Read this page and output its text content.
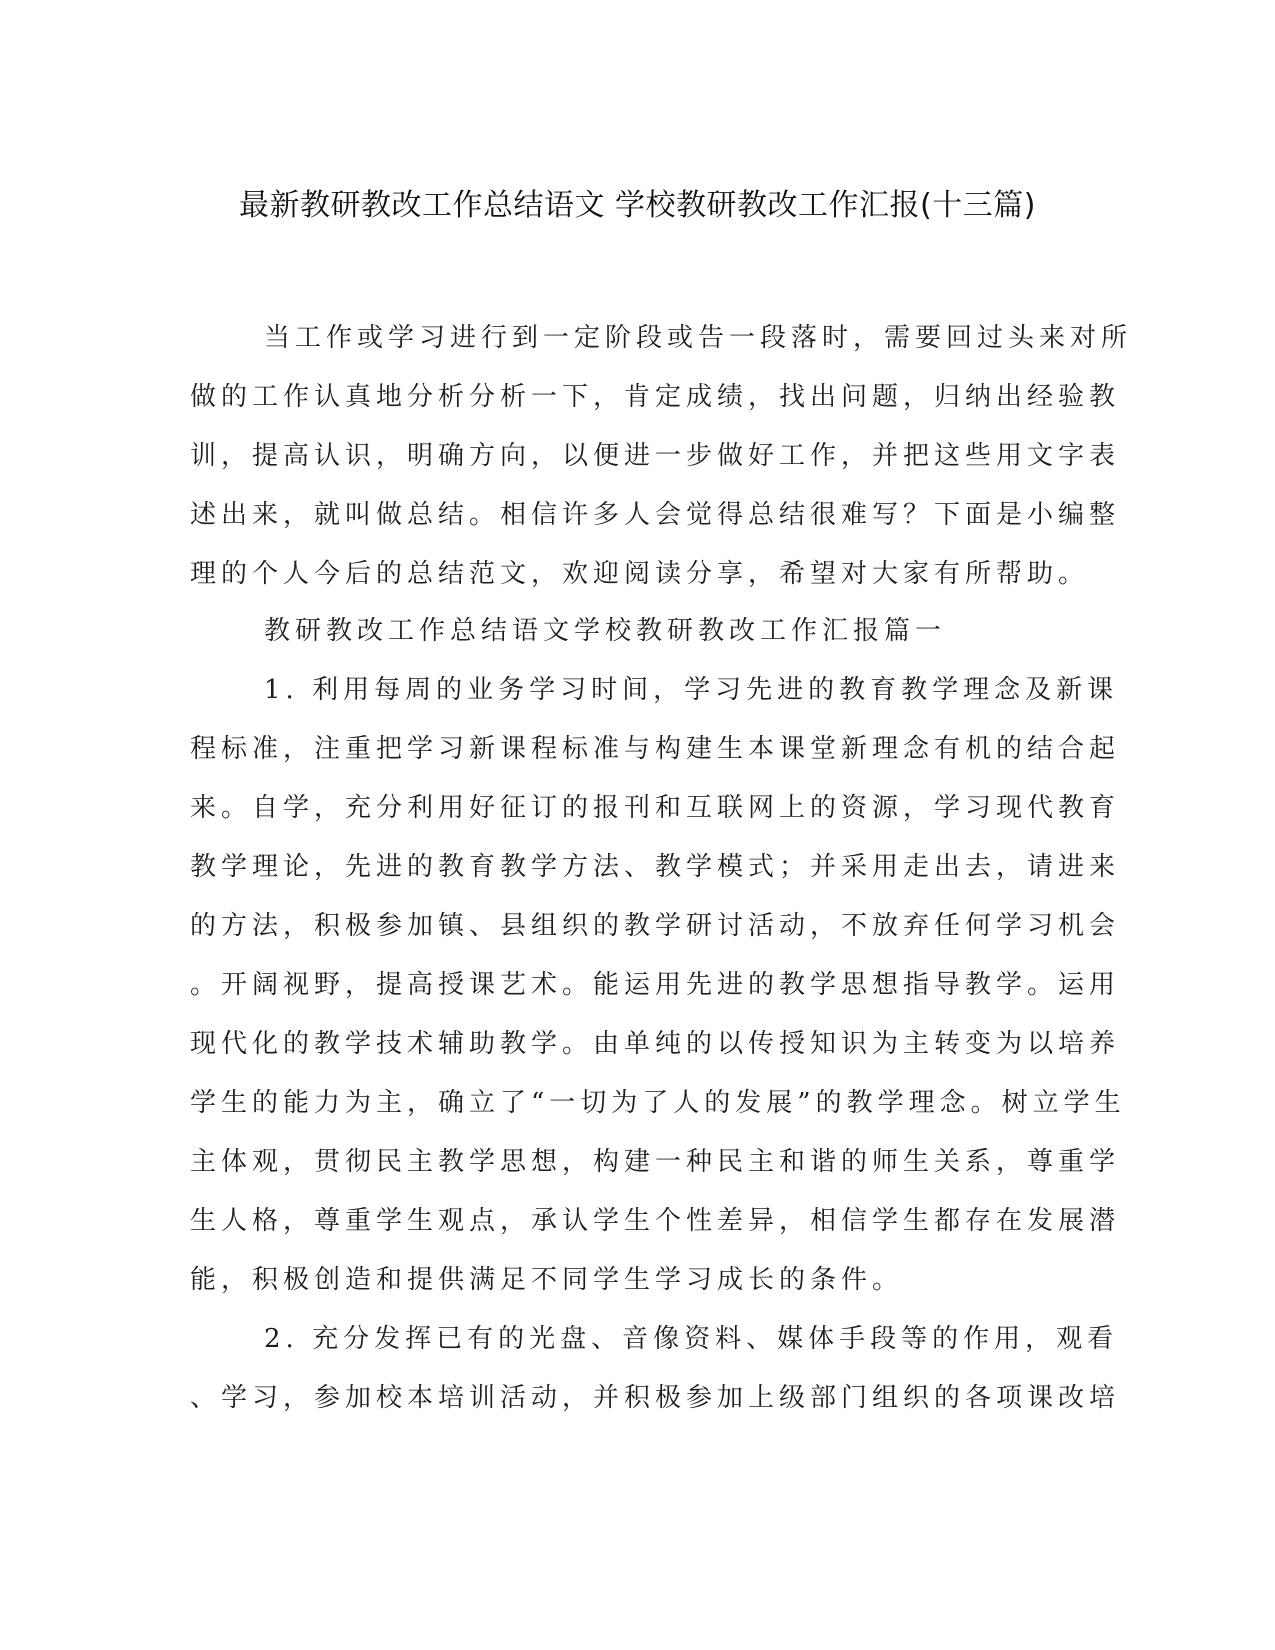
最新教研教改工作总结语文 学校教研教改工作汇报(十三篇)
当工作或学习进行到一定阶段或告一段落时，需要回过头来对所
做的工作认真地分析分析一下，肯定成绩，找出问题，归纳出经验教
训，提高认识，明确方向，以便进一步做好工作，并把这些用文字表
述出来，就叫做总结。相信许多人会觉得总结很难写？下面是小编整
理的个人今后的总结范文，欢迎阅读分享，希望对大家有所帮助。
教研教改工作总结语文学校教研教改工作汇报篇一
1. 利用每周的业务学习时间，学习先进的教育教学理念及新课
程标准，注重把学习新课程标准与构建生本课堂新理念有机的结合起
来。自学，充分利用好征订的报刊和互联网上的资源，学习现代教育
教学理论，先进的教育教学方法、教学模式；并采用走出去，请进来
的方法，积极参加镇、县组织的教学研讨活动，不放弃任何学习机会
。开阔视野，提高授课艺术。能运用先进的教学思想指导教学。运用
现代化的教学技术辅助教学。由单纯的以传授知识为主转变为以培养
学生的能力为主，确立了“一切为了人的发展”的教学理念。树立学生
主体观，贯彻民主教学思想，构建一种民主和谐的师生关系，尊重学
生人格，尊重学生观点，承认学生个性差异，相信学生都存在发展潜
能，积极创造和提供满足不同学生学习成长的条件。
2. 充分发挥已有的光盘、音像资料、媒体手段等的作用，观看
、学习，参加校本培训活动，并积极参加上级部门组织的各项课改培
